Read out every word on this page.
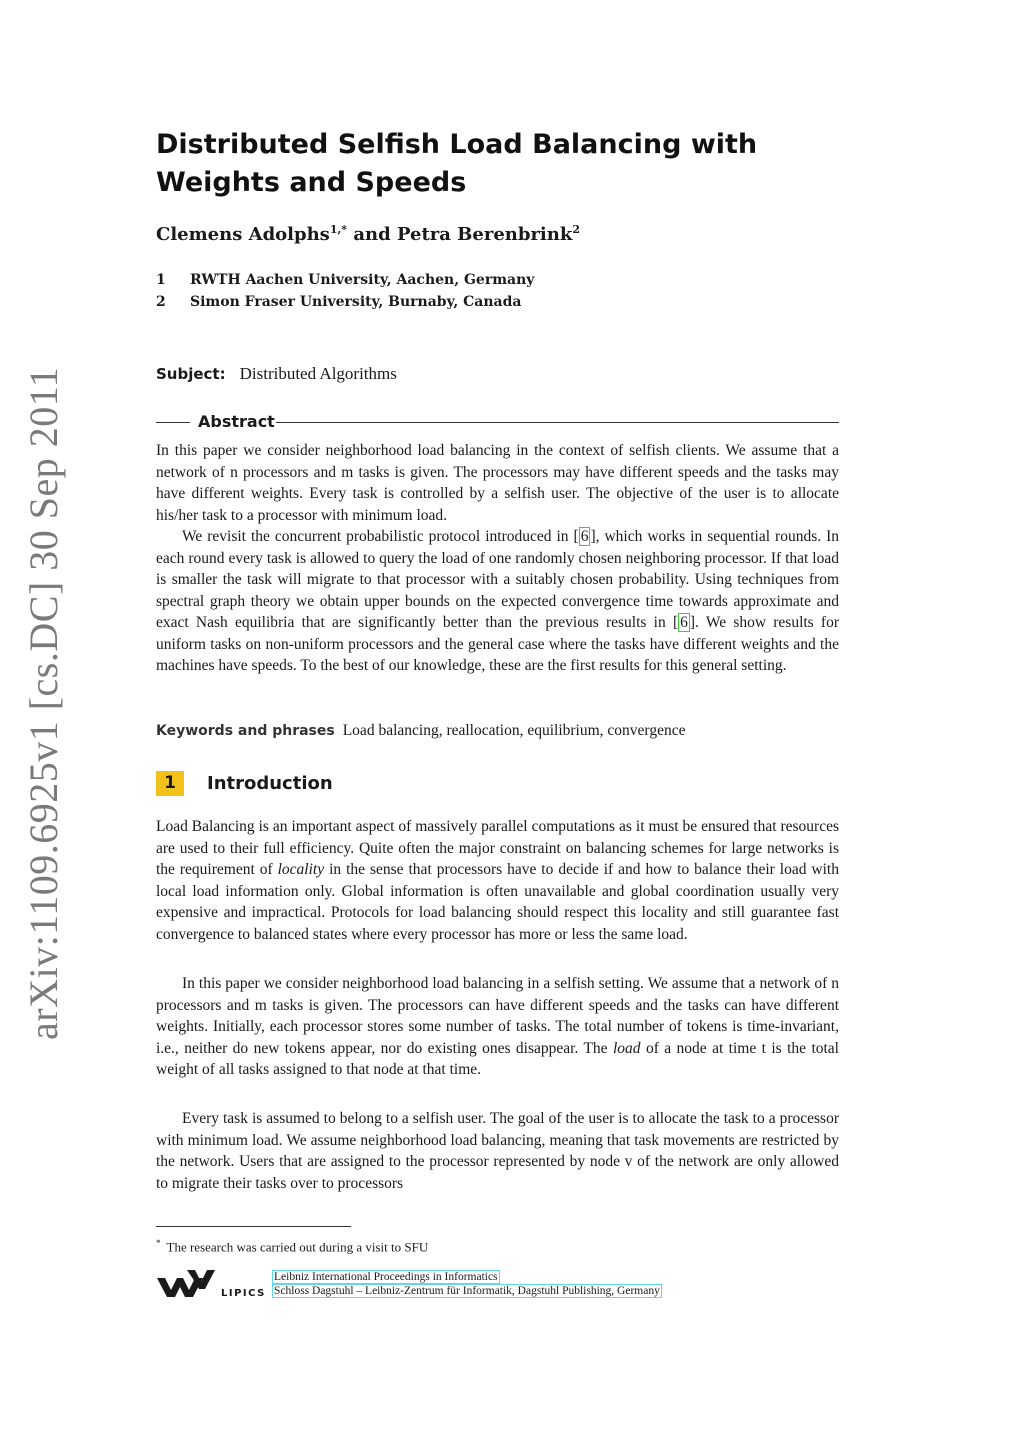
arXiv:1109.6925v1 [cs.DC] 30 Sep 2011
Distributed Selfish Load Balancing with Weights and Speeds
Clemens Adolphs$^{1,*}$ and Petra Berenbrink$^2$
1 RWTH Aachen University, Aachen, Germany
2 Simon Fraser University, Burnaby, Canada
Subject: Distributed Algorithms
Abstract

In this paper we consider neighborhood load balancing in the context of selfish clients. We assume that a network of n processors and m tasks is given. The processors may have different speeds and the tasks may have different weights. Every task is controlled by a selfish user. The objective of the user is to allocate his/her task to a processor with minimum load.

We revisit the concurrent probabilistic protocol introduced in [ 6 ], which works in sequential rounds. In each round every task is allowed to query the load of one randomly chosen neighboring processor. If that load is smaller the task will migrate to that processor with a suitably chosen probability. Using techniques from spectral graph theory we obtain upper bounds on the expected convergence time towards approximate and exact Nash equilibria that are significantly better than the previous results in [ 6 ]. We show results for uniform tasks on non-uniform processors and the general case where the tasks have different weights and the machines have speeds. To the best of our knowledge, these are the first results for this general setting.

Keywords and phrases Load balancing, reallocation, equilibrium, convergence
1	Introduction

Load Balancing is an important aspect of massively parallel computations as it must be ensured that resources are used to their full efficiency. Quite often the major constraint on balancing schemes for large networks is the requirement of locality in the sense that processors have to decide if and how to balance their load with local load information only. Global information is often unavailable and global coordination usually very expensive and impractical. Protocols for load balancing should respect this locality and still guarantee fast convergence to balanced states where every processor has more or less the same load.

In this paper we consider neighborhood load balancing in a selfish setting. We assume that a network of n processors and m tasks is given. The processors can have different speeds and the tasks can have different weights. Initially, each processor stores some number of tasks. The total number of tokens is time-invariant, i.e., neither do new tokens appear, nor do existing ones disappear. The load of a node at time t is the total weight of all tasks assigned to that node at that time.

Every task is assumed to belong to a selfish user. The goal of the user is to allocate the task to a processor with minimum load. We assume neighborhood load balancing, meaning that task movements are restricted by the network. Users that are assigned to the processor represented by node v of the network are only allowed to migrate their tasks over to processors

* The research was carried out during a visit to SFU
LIPICS
Leibniz International Proceedings in Informatics
Schloss Dagstuhl – Leibniz-Zentrum für Informatik, Dagstuhl Publishing, Germany
